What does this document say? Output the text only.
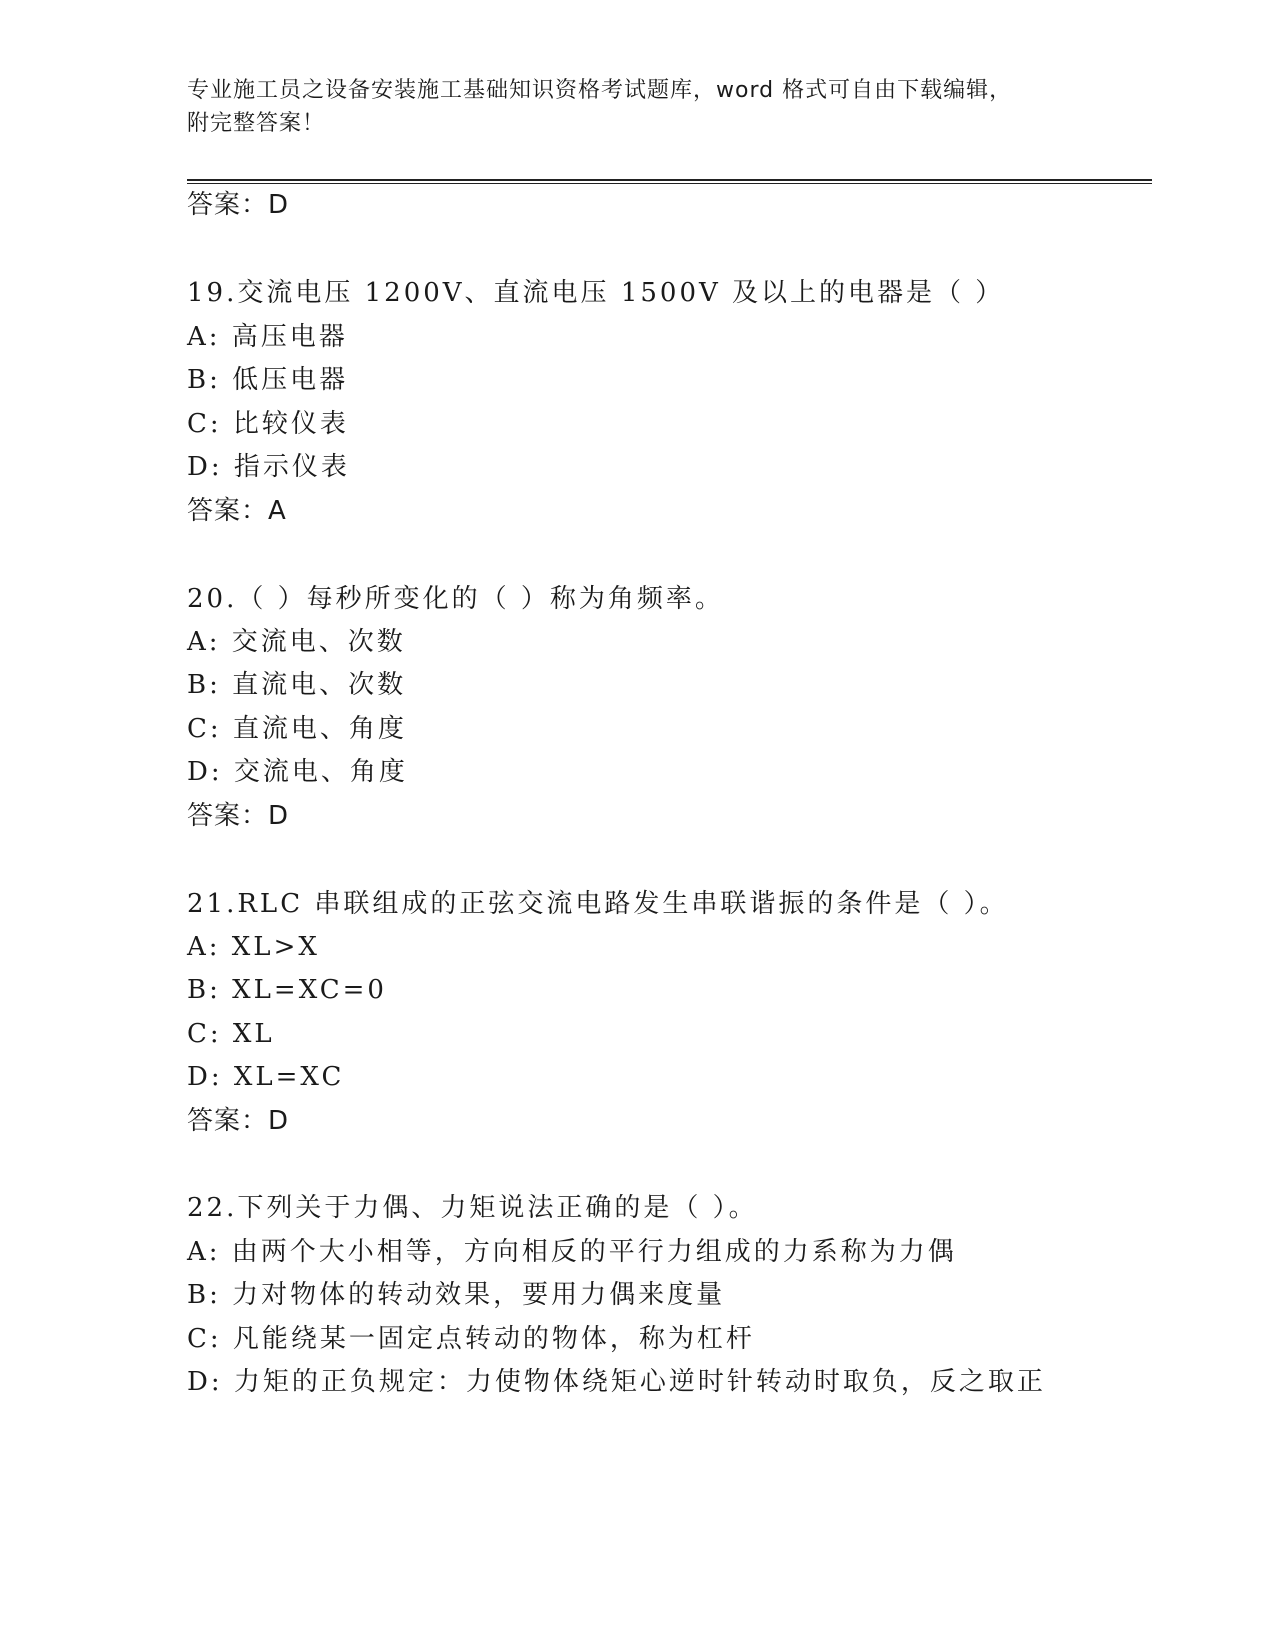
专业施工员之设备安装施工基础知识资格考试题库，word 格式可自由下载编辑，
附完整答案！
答案：D
19.交流电压 1200V、直流电压 1500V 及以上的电器是（ ）
A: 高压电器
B: 低压电器
C: 比较仪表
D: 指示仪表
答案：A
20.（ ）每秒所变化的（ ）称为角频率。
A: 交流电、次数
B: 直流电、次数
C: 直流电、角度
D: 交流电、角度
答案：D
21.RLC 串联组成的正弦交流电路发生串联谐振的条件是（ ）。
A: XL>X
B: XL=XC=0
C: XL
D: XL=XC
答案：D
22.下列关于力偶、力矩说法正确的是（ ）。
A: 由两个大小相等，方向相反的平行力组成的力系称为力偶
B: 力对物体的转动效果，要用力偶来度量
C: 凡能绕某一固定点转动的物体，称为杠杆
D: 力矩的正负规定：力使物体绕矩心逆时针转动时取负，反之取正
